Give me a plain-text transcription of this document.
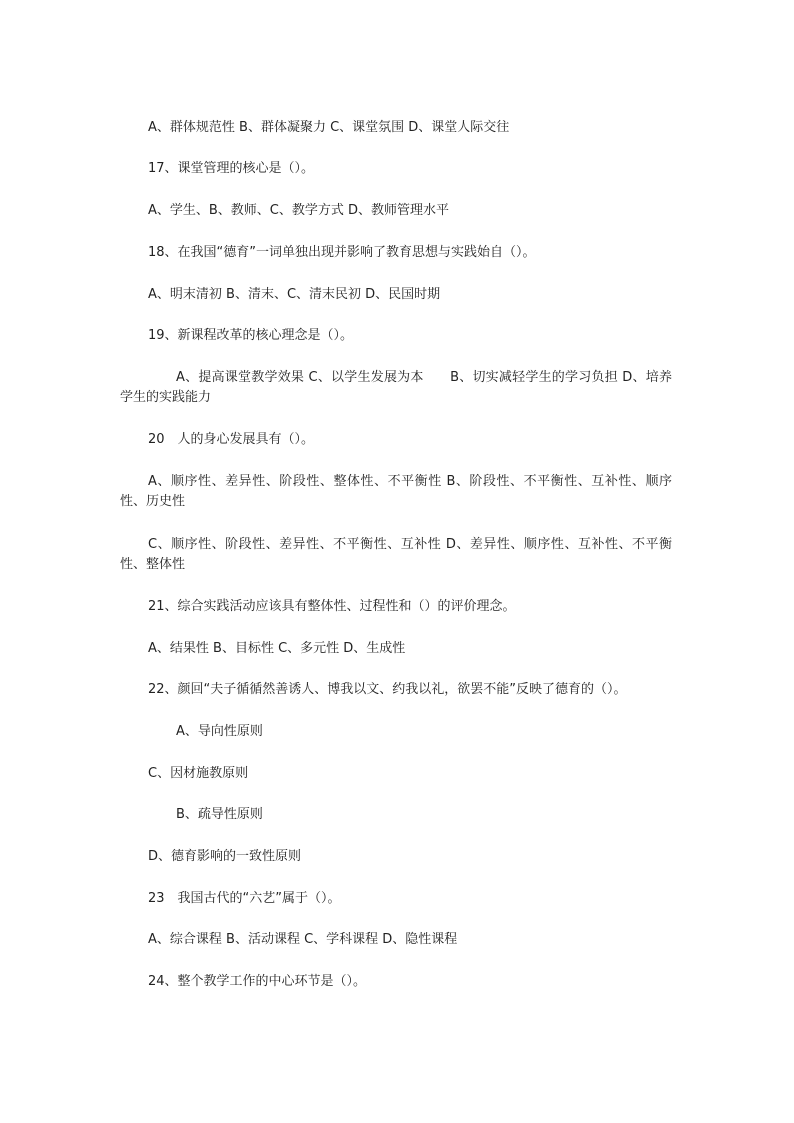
A、群体规范性 B、群体凝聚力 C、课堂氛围 D、课堂人际交往

17、课堂管理的核心是（）。

A、学生、B、教师、C、教学方式 D、教师管理水平

18、在我国“德育”一词单独出现并影响了教育思想与实践始自（）。

A、明末清初 B、清末、C、清末民初 D、民国时期

19、新课程改革的核心理念是（）。

A、提高课堂教学效果 C、以学生发展为本　　B、切实减轻学生的学习负担 D、培养学生的实践能力

20　人的身心发展具有（）。

A、顺序性、差异性、阶段性、整体性、不平衡性 B、阶段性、不平衡性、互补性、顺序性、历史性

C、顺序性、阶段性、差异性、不平衡性、互补性 D、差异性、顺序性、互补性、不平衡性、整体性

21、综合实践活动应该具有整体性、过程性和（）的评价理念。

A、结果性 B、目标性 C、多元性 D、生成性

22、颜回“夫子循循然善诱人、博我以文、约我以礼，欲罢不能”反映了德育的（）。

A、导向性原则

C、因材施教原则

B、疏导性原则

D、德育影响的一致性原则

23　我国古代的“六艺”属于（）。

A、综合课程 B、活动课程 C、学科课程 D、隐性课程

24、整个教学工作的中心环节是（）。
